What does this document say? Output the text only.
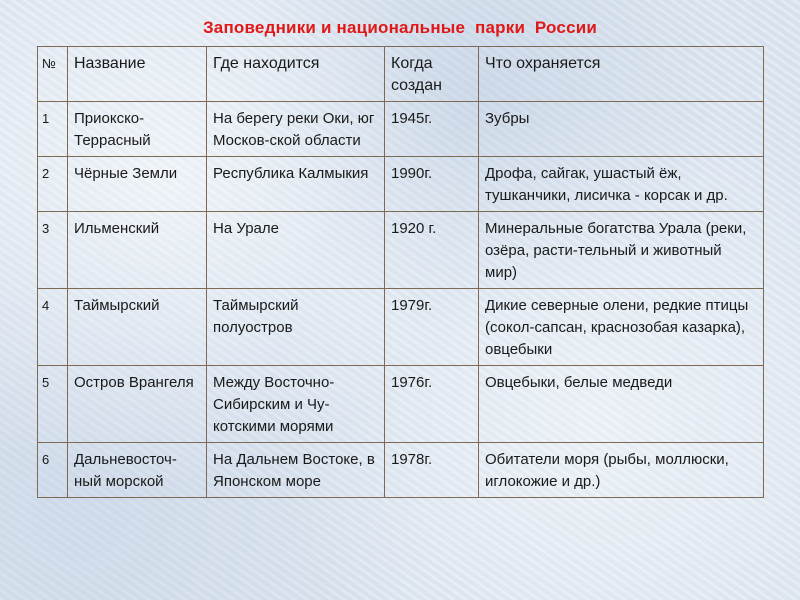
Заповедники и национальные  парки  России
№	Название	Где находится	Когда создан	Что охраняется
1	Приокско-Террасный	На берегу реки Оки, юг Москов-ской области	1945г.	Зубры
2	Чёрные Земли	Республика Калмыкия	1990г.	Дрофа, сайгак, ушастый ёж, тушканчики, лисичка - корсак и др.
3	Ильменский	На Урале	1920 г.	Минеральные богатства Урала (реки, озёра, расти-тельный и животный мир)
4	Таймырский	Таймырский полуостров	1979г.	Дикие северные олени, редкие птицы (сокол-сапсан, краснозобая казарка), овцебыки
5	Остров Врангеля	Между Восточно-Сибирским и Чу-котскими морями	1976г.	Овцебыки, белые медведи
6	Дальневосточ-ный морской	На Дальнем Востоке, в Японском море	1978г.	Обитатели моря (рыбы, моллюски, иглокожие и др.)
